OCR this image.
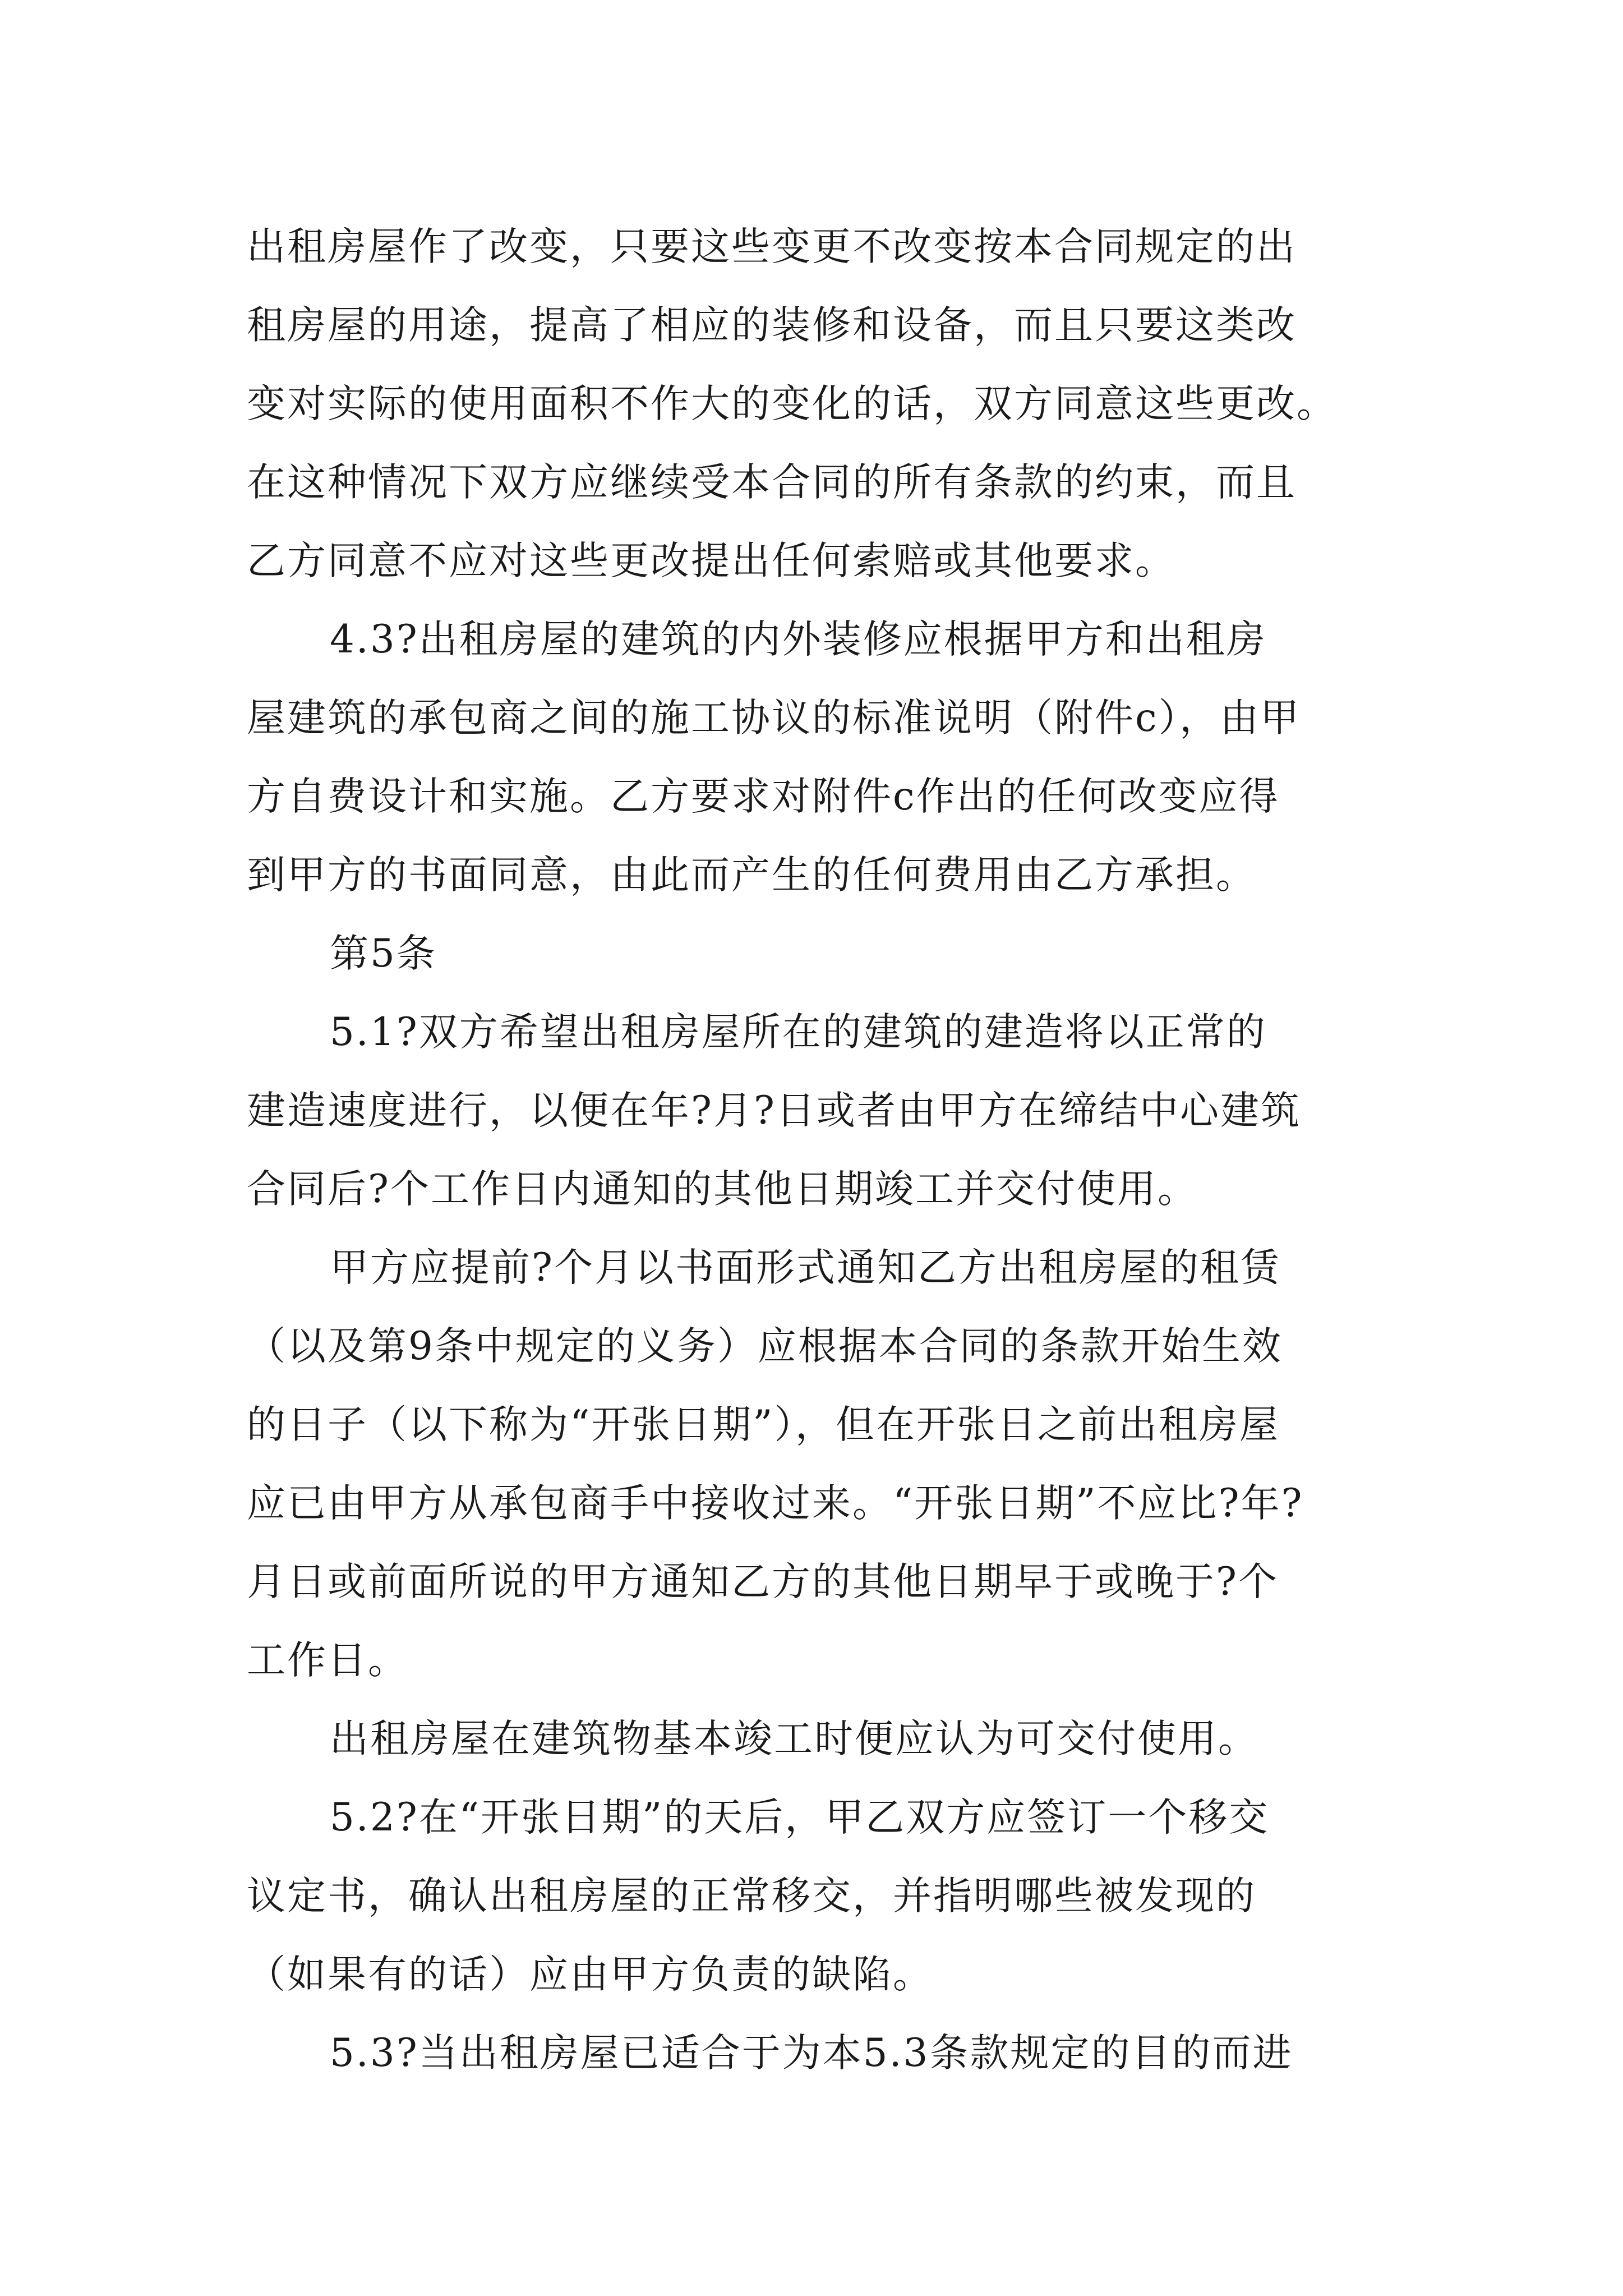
出租房屋作了改变，只要这些变更不改变按本合同规定的出
租房屋的用途，提高了相应的装修和设备，而且只要这类改
变对实际的使用面积不作大的变化的话，双方同意这些更改。
在这种情况下双方应继续受本合同的所有条款的约束，而且
乙方同意不应对这些更改提出任何索赔或其他要求。
4.3?出租房屋的建筑的内外装修应根据甲方和出租房
屋建筑的承包商之间的施工协议的标准说明（附件c），由甲
方自费设计和实施。乙方要求对附件c作出的任何改变应得
到甲方的书面同意，由此而产生的任何费用由乙方承担。
第5条
5.1?双方希望出租房屋所在的建筑的建造将以正常的
建造速度进行，以便在年?月?日或者由甲方在缔结中心建筑
合同后?个工作日内通知的其他日期竣工并交付使用。
甲方应提前?个月以书面形式通知乙方出租房屋的租赁
（以及第9条中规定的义务）应根据本合同的条款开始生效
的日子（以下称为“开张日期”），但在开张日之前出租房屋
应已由甲方从承包商手中接收过来。“开张日期”不应比?年?
月日或前面所说的甲方通知乙方的其他日期早于或晚于?个
工作日。
出租房屋在建筑物基本竣工时便应认为可交付使用。
5.2?在“开张日期”的天后，甲乙双方应签订一个移交
议定书，确认出租房屋的正常移交，并指明哪些被发现的
（如果有的话）应由甲方负责的缺陷。
5.3?当出租房屋已适合于为本5.3条款规定的目的而进
